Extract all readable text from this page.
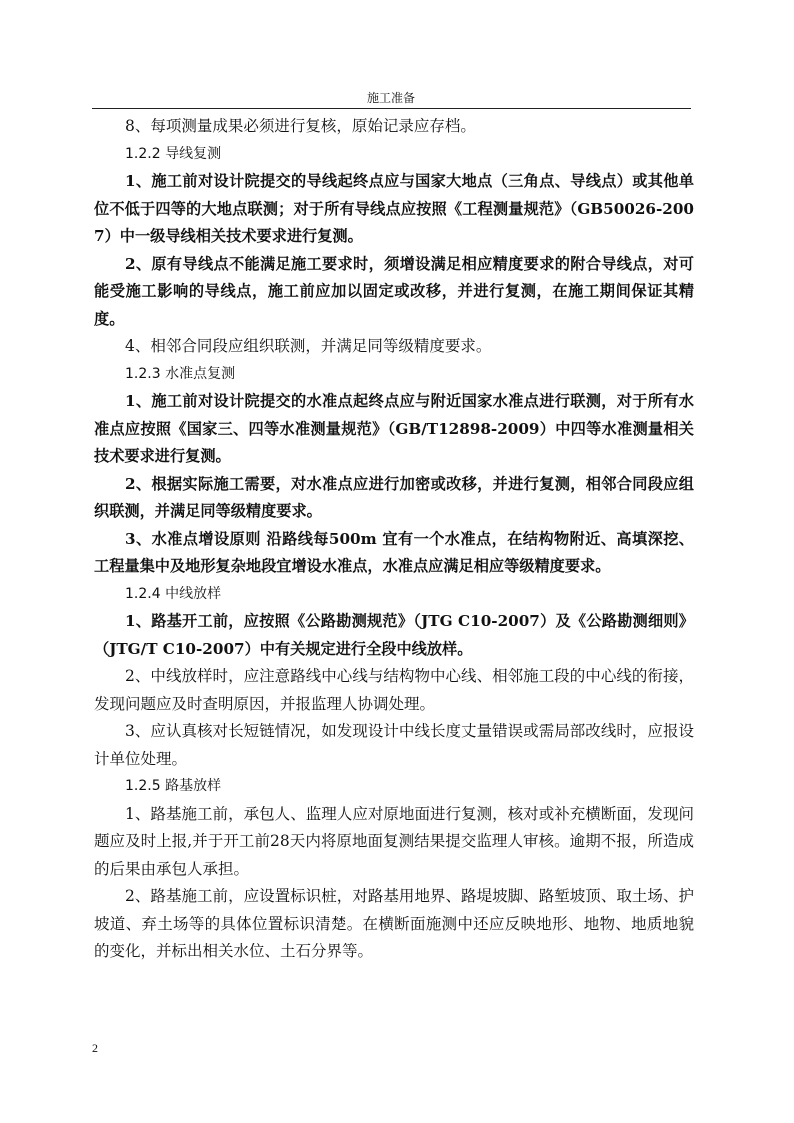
施工准备

8、每项测量成果必须进行复核，原始记录应存档。

1.2.2 导线复测

1、施工前对设计院提交的导线起终点应与国家大地点（三角点、导线点）或其他单位不低于四等的大地点联测；对于所有导线点应按照《工程测量规范》（GB50026-2007）中一级导线相关技术要求进行复测。

2、原有导线点不能满足施工要求时，须增设满足相应精度要求的附合导线点，对可能受施工影响的导线点，施工前应加以固定或改移，并进行复测，在施工期间保证其精度。

4、相邻合同段应组织联测，并满足同等级精度要求。

1.2.3 水准点复测

1、施工前对设计院提交的水准点起终点应与附近国家水准点进行联测，对于所有水准点应按照《国家三、四等水准测量规范》（GB/T12898-2009）中四等水准测量相关技术要求进行复测。

2、根据实际施工需要，对水准点应进行加密或改移，并进行复测，相邻合同段应组织联测，并满足同等级精度要求。

3、水准点增设原则 沿路线每500m 宜有一个水准点，在结构物附近、高填深挖、工程量集中及地形复杂地段宜增设水准点，水准点应满足相应等级精度要求。

1.2.4 中线放样

1、路基开工前，应按照《公路勘测规范》（JTG C10-2007）及《公路勘测细则》（JTG/T C10-2007）中有关规定进行全段中线放样。

2、中线放样时，应注意路线中心线与结构物中心线、相邻施工段的中心线的衔接，发现问题应及时查明原因，并报监理人协调处理。

3、应认真核对长短链情况，如发现设计中线长度丈量错误或需局部改线时，应报设计单位处理。

1.2.5 路基放样

1、路基施工前，承包人、监理人应对原地面进行复测，核对或补充横断面，发现问题应及时上报,并于开工前28天内将原地面复测结果提交监理人审核。逾期不报，所造成的后果由承包人承担。

2、路基施工前，应设置标识桩，对路基用地界、路堤坡脚、路堑坡顶、取土场、护坡道、弃土场等的具体位置标识清楚。在横断面施测中还应反映地形、地物、地质地貌的变化，并标出相关水位、土石分界等。

2
